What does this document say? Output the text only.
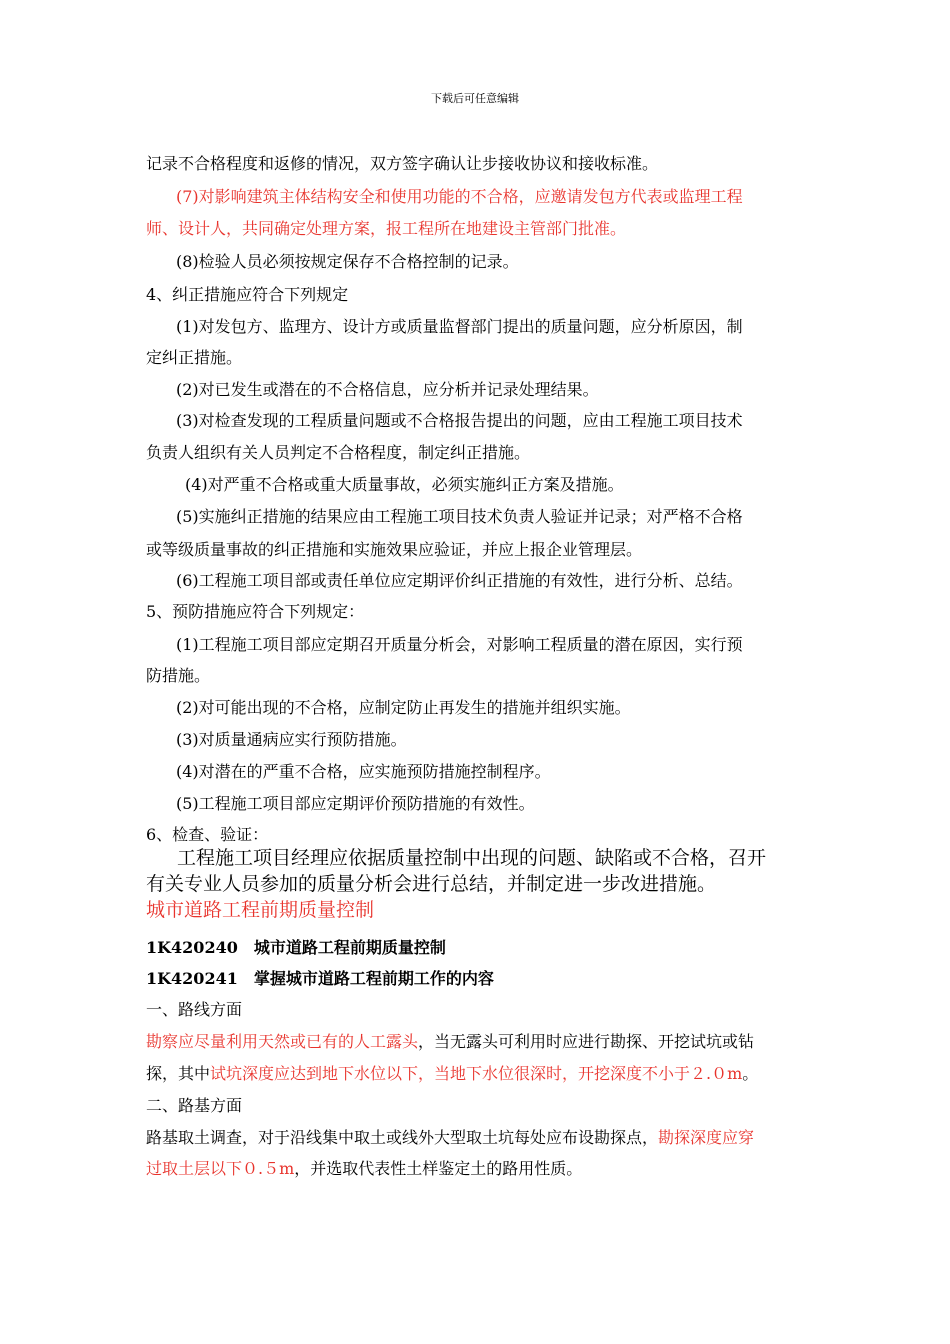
下载后可任意编辑
记录不合格程度和返修的情况，双方签字确认让步接收协议和接收标准。
(7)对影响建筑主体结构安全和使用功能的不合格，应邀请发包方代表或监理工程
师、设计人，共同确定处理方案，报工程所在地建设主管部门批准。
(8)检验人员必须按规定保存不合格控制的记录。
4、纠正措施应符合下列规定
(1)对发包方、监理方、设计方或质量监督部门提出的质量问题，应分析原因，制
定纠正措施。
(2)对已发生或潜在的不合格信息，应分析并记录处理结果。
(3)对检查发现的工程质量问题或不合格报告提出的问题，应由工程施工项目技术
负责人组织有关人员判定不合格程度，制定纠正措施。
(4)对严重不合格或重大质量事故，必须实施纠正方案及措施。
(5)实施纠正措施的结果应由工程施工项目技术负责人验证并记录；对严格不合格
或等级质量事故的纠正措施和实施效果应验证，并应上报企业管理层。
(6)工程施工项目部或责任单位应定期评价纠正措施的有效性，进行分析、总结。
5、预防措施应符合下列规定：
(1)工程施工项目部应定期召开质量分析会，对影响工程质量的潜在原因，实行预
防措施。
(2)对可能出现的不合格，应制定防止再发生的措施并组织实施。
(3)对质量通病应实行预防措施。
(4)对潜在的严重不合格，应实施预防措施控制程序。
(5)工程施工项目部应定期评价预防措施的有效性。
6、检查、验证：
工程施工项目经理应依据质量控制中出现的问题、缺陷或不合格，召开
有关专业人员参加的质量分析会进行总结，并制定进一步改进措施。
城市道路工程前期质量控制
1K420240　城市道路工程前期质量控制
1K420241　掌握城市道路工程前期工作的内容
一、路线方面
勘察应尽量利用天然或已有的人工露头，当无露头可利用时应进行勘探、开挖试坑或钻
探，其中试坑深度应达到地下水位以下，当地下水位很深时，开挖深度不小于２.０m。
二、路基方面
路基取土调查，对于沿线集中取土或线外大型取土坑每处应布设勘探点，勘探深度应穿
过取土层以下０.５m，并选取代表性土样鉴定土的路用性质。
